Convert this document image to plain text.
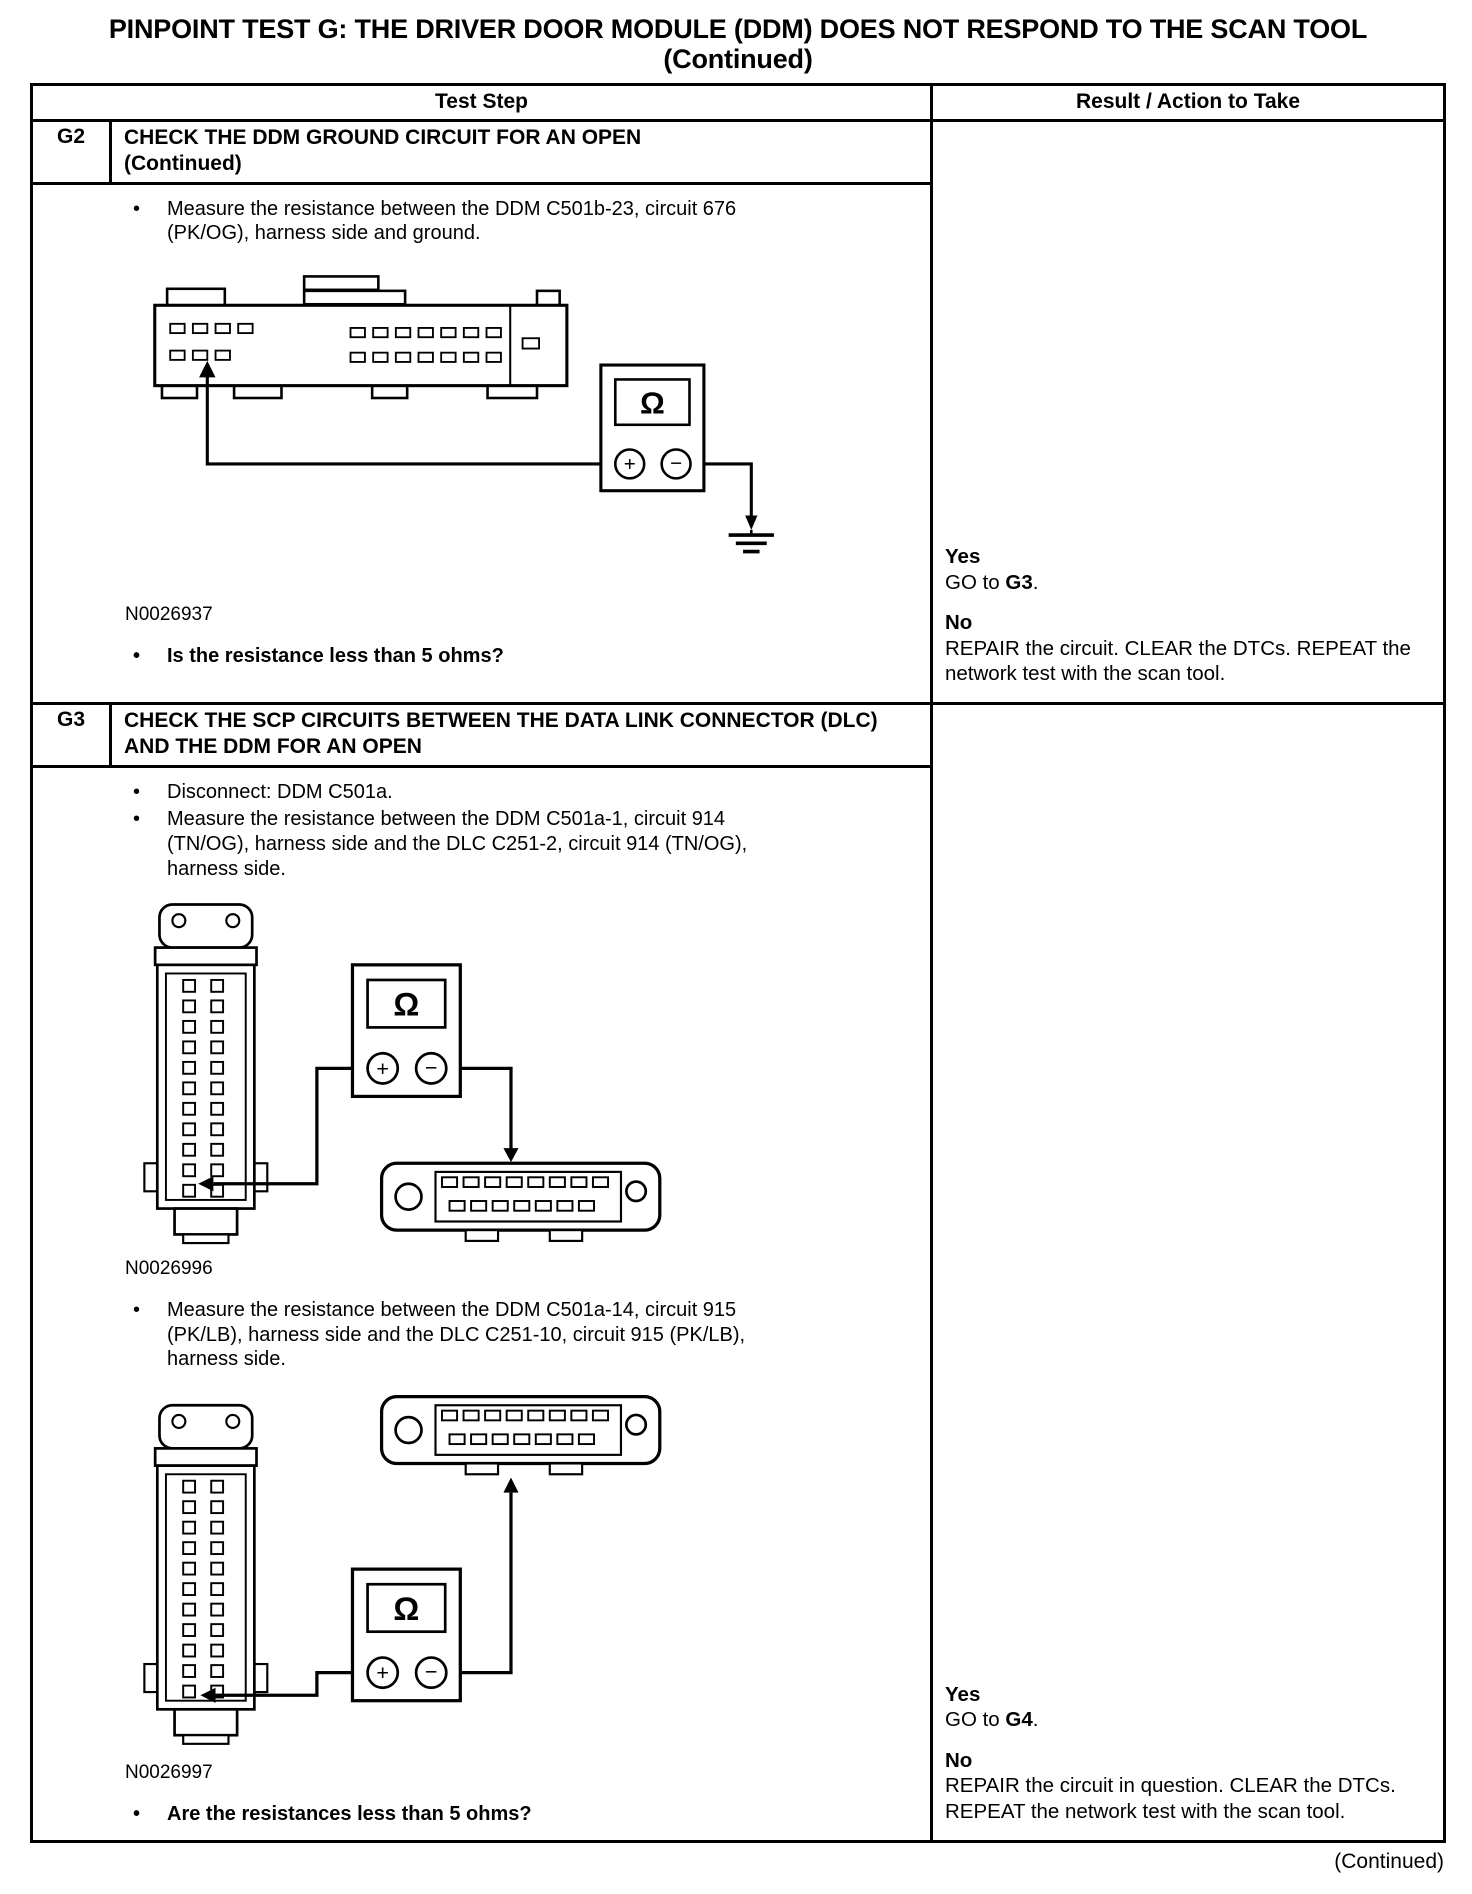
PINPOINT TEST G: THE DRIVER DOOR MODULE (DDM) DOES NOT RESPOND TO THE SCAN TOOL
(Continued)
Test Step	Result / Action to Take
G2	CHECK THE DDM GROUND CIRCUIT FOR AN OPEN
(Continued)
• Measure the resistance between the DDM C501b-23, circuit 676 (PK/OG), harness side and ground.
N0026937
• Is the resistance less than 5 ohms?
Yes
GO to G3.
No
REPAIR the circuit. CLEAR the DTCs. REPEAT the network test with the scan tool.
G3	CHECK THE SCP CIRCUITS BETWEEN THE DATA LINK CONNECTOR (DLC) AND THE DDM FOR AN OPEN
• Disconnect: DDM C501a.
• Measure the resistance between the DDM C501a-1, circuit 914 (TN/OG), harness side and the DLC C251-2, circuit 914 (TN/OG), harness side.
N0026996
• Measure the resistance between the DDM C501a-14, circuit 915 (PK/LB), harness side and the DLC C251-10, circuit 915 (PK/LB), harness side.
N0026997
• Are the resistances less than 5 ohms?
Yes
GO to G4.
No
REPAIR the circuit in question. CLEAR the DTCs. REPEAT the network test with the scan tool.
(Continued)
